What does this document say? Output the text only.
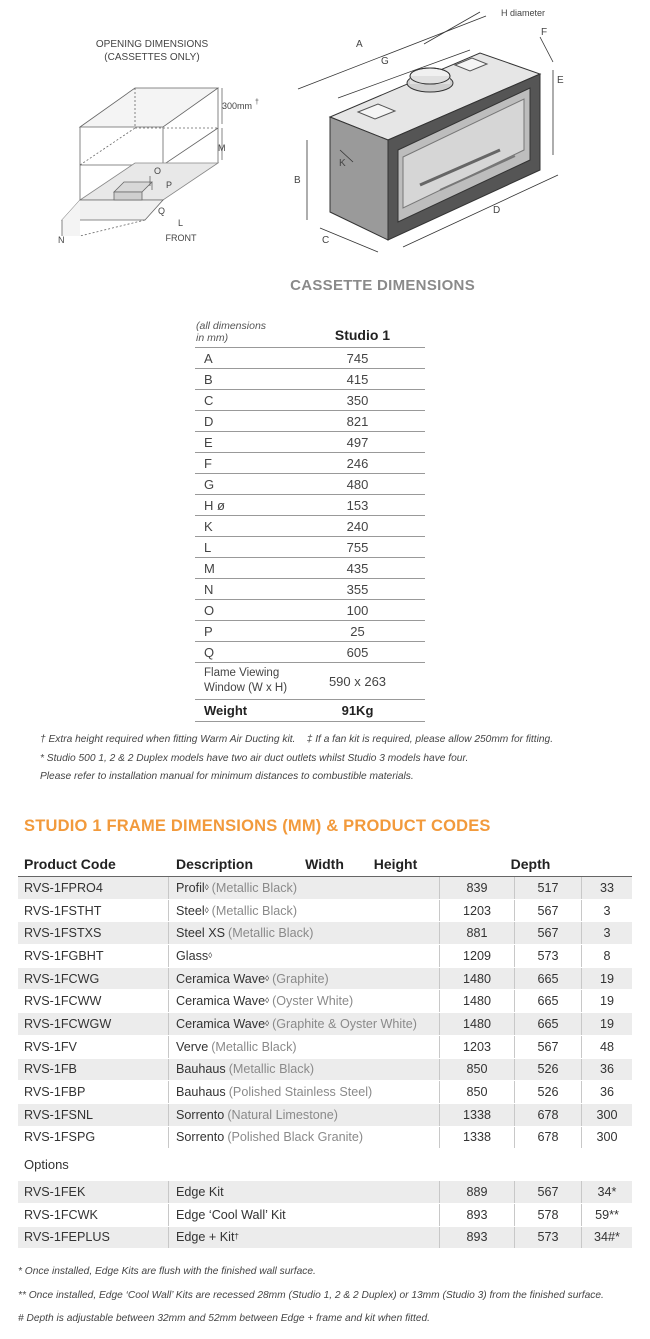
OPENING DIMENSIONS
(CASSETTES ONLY)
300mm †
M
O
P
Q
L
N	FRONT
H diameter
A
F
G
E
B
K
C
D
CASSETTE DIMENSIONS
(all dimensions
in mm)	Studio 1
A	745
B	415
C	350
D	821
E	497
F	246
G	480
H ø	153
K	240
L	755
M	435
N	355
O	100
P	25
Q	605
Flame Viewing
Window (W x H)	590 x 263
Weight	91Kg
† Extra height required when fitting Warm Air Ducting kit. ‡ If a fan kit is required, please allow 250mm for fitting.
* Studio 500 1, 2 & 2 Duplex models have two air duct outlets whilst Studio 3 models have four.
Please refer to installation manual for minimum distances to combustible materials.
STUDIO 1 FRAME DIMENSIONS (MM) & PRODUCT CODES
Product Code	Description	Width	Height	Depth
RVS-1FPRO4	Profil ◊ (Metallic Black)	839	517	33
RVS-1FSTHT	Steel ◊ (Metallic Black)	1203	567	3
RVS-1FSTXS	Steel XS (Metallic Black)	881	567	3
RVS-1FGBHT	Glass ◊	1209	573	8
RVS-1FCWG	Ceramica Wave ◊ (Graphite)	1480	665	19
RVS-1FCWW	Ceramica Wave ◊ (Oyster White)	1480	665	19
RVS-1FCWGW	Ceramica Wave ◊ (Graphite & Oyster White)	1480	665	19
RVS-1FV	Verve (Metallic Black)	1203	567	48
RVS-1FB	Bauhaus (Metallic Black)	850	526	36
RVS-1FBP	Bauhaus (Polished Stainless Steel)	850	526	36
RVS-1FSNL	Sorrento (Natural Limestone)	1338	678	300
RVS-1FSPG	Sorrento (Polished Black Granite)	1338	678	300
Options
RVS-1FEK	Edge Kit	889	567	34*
RVS-1FCWK	Edge ‘Cool Wall’ Kit	893	578	59**
RVS-1FEPLUS	Edge + Kit †	893	573	34#*
* Once installed, Edge Kits are flush with the finished wall surface.
** Once installed, Edge ‘Cool Wall’ Kits are recessed 28mm (Studio 1, 2 & 2 Duplex) or 13mm (Studio 3) from the finished surface.
# Depth is adjustable between 32mm and 52mm between Edge + frame and kit when fitted.
